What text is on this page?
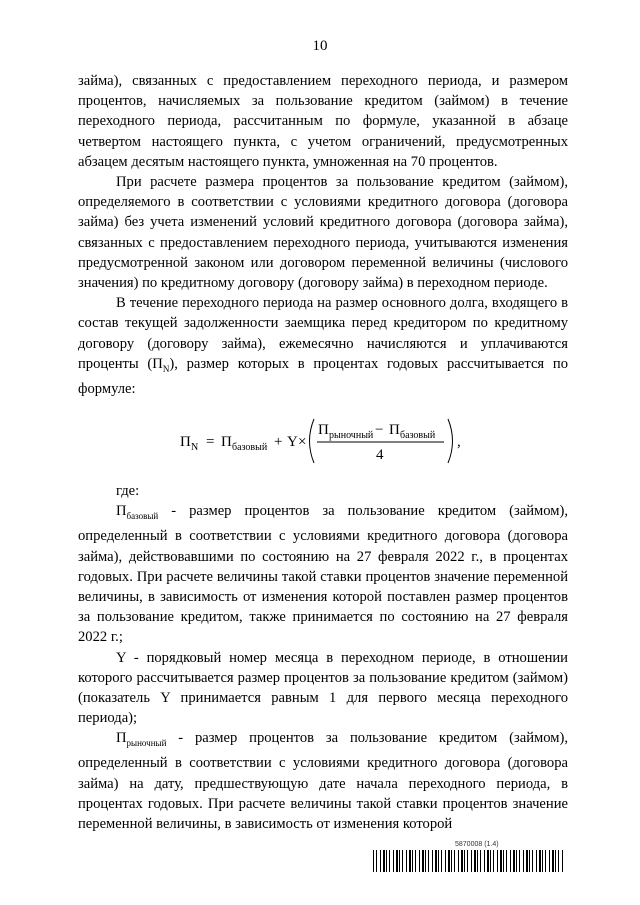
10

займа), связанных с предоставлением переходного периода, и размером процентов, начисляемых за пользование кредитом (займом) в течение переходного периода, рассчитанным по формуле, указанной в абзаце четвертом настоящего пункта, с учетом ограничений, предусмотренных абзацем десятым настоящего пункта, умноженная на 70 процентов.

При расчете размера процентов за пользование кредитом (займом), определяемого в соответствии с условиями кредитного договора (договора займа) без учета изменений условий кредитного договора (договора займа), связанных с предоставлением переходного периода, учитываются изменения предусмотренной законом или договором переменной величины (числового значения) по кредитному договору (договору займа) в переходном периоде.

В течение переходного периода на размер основного долга, входящего в состав текущей задолженности заемщика перед кредитором по кредитному договору (договору займа), ежемесячно начисляются и уплачиваются проценты $(П_N)$, размер которых в процентах годовых рассчитывается по формуле:

П N = П базовый + Y ×
П рыночный − П базовый
4
,

где:

$П_{базовый}$ - размер процентов за пользование кредитом (займом), определенный в соответствии с условиями кредитного договора (договора займа), действовавшими по состоянию на 27 февраля 2022 г., в процентах годовых. При расчете величины такой ставки процентов значение переменной величины, в зависимость от изменения которой поставлен размер процентов за пользование кредитом, также принимается по состоянию на 27 февраля 2022 г.;

Y - порядковый номер месяца в переходном периоде, в отношении которого рассчитывается размер процентов за пользование кредитом (займом) (показатель Y принимается равным 1 для первого месяца переходного периода);

$П_{рыночный}$ - размер процентов за пользование кредитом (займом), определенный в соответствии с условиями кредитного договора (договора займа) на дату, предшествующую дате начала переходного периода, в процентах годовых. При расчете величины такой ставки процентов значение переменной величины, в зависимость от изменения которой

5870008 (1.4)
